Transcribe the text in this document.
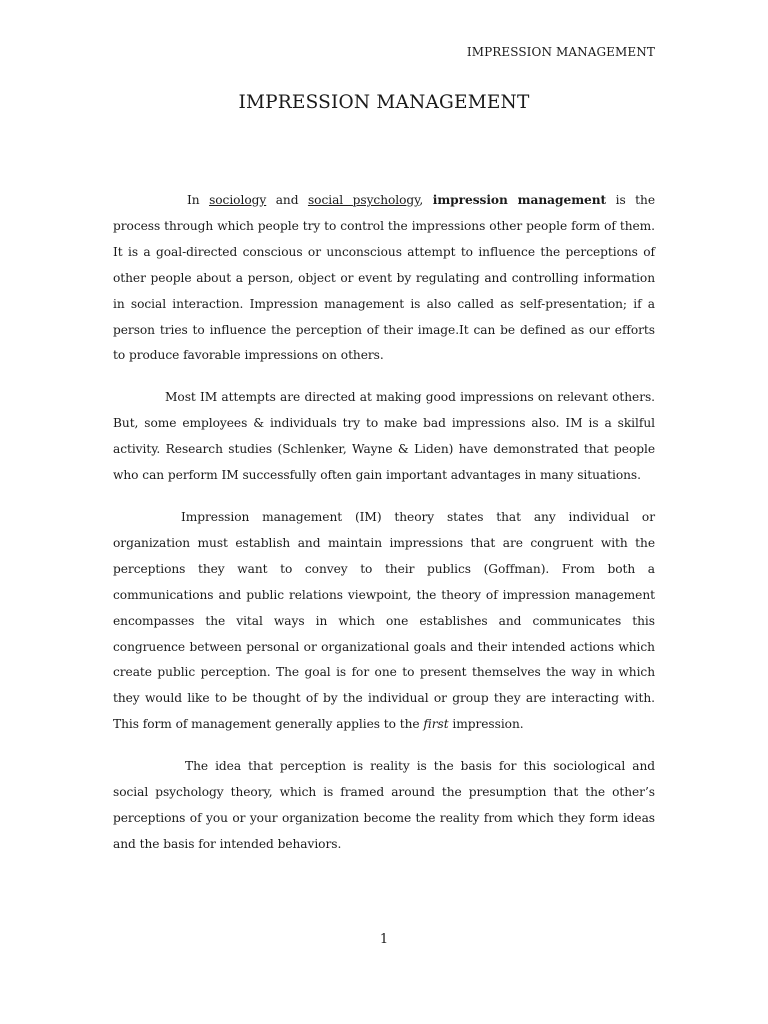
IMPRESSION MANAGEMENT
IMPRESSION MANAGEMENT

In sociology and social psychology, impression management is the process through which people try to control the impressions other people form of them. It is a goal-directed conscious or unconscious attempt to influence the perceptions of other people about a person, object or event by regulating and controlling information in social interaction. Impression management is also called as self-presentation; if a person tries to influence the perception of their image.It can be defined as our efforts to produce favorable impressions on others.

Most IM attempts are directed at making good impressions on relevant others. But, some employees & individuals try to make bad impressions also. IM is a skilful activity. Research studies (Schlenker, Wayne & Liden) have demonstrated that people who can perform IM successfully often gain important advantages in many situations.

Impression management (IM) theory states that any individual or organization must establish and maintain impressions that are congruent with the perceptions they want to convey to their publics (Goffman). From both a communications and public relations viewpoint, the theory of impression management encompasses the vital ways in which one establishes and communicates this congruence between personal or organizational goals and their intended actions which create public perception. The goal is for one to present themselves the way in which they would like to be thought of by the individual or group they are interacting with. This form of management generally applies to the first impression.

The idea that perception is reality is the basis for this sociological and social psychology theory, which is framed around the presumption that the other’s perceptions of you or your organization become the reality from which they form ideas and the basis for intended behaviors.

1
